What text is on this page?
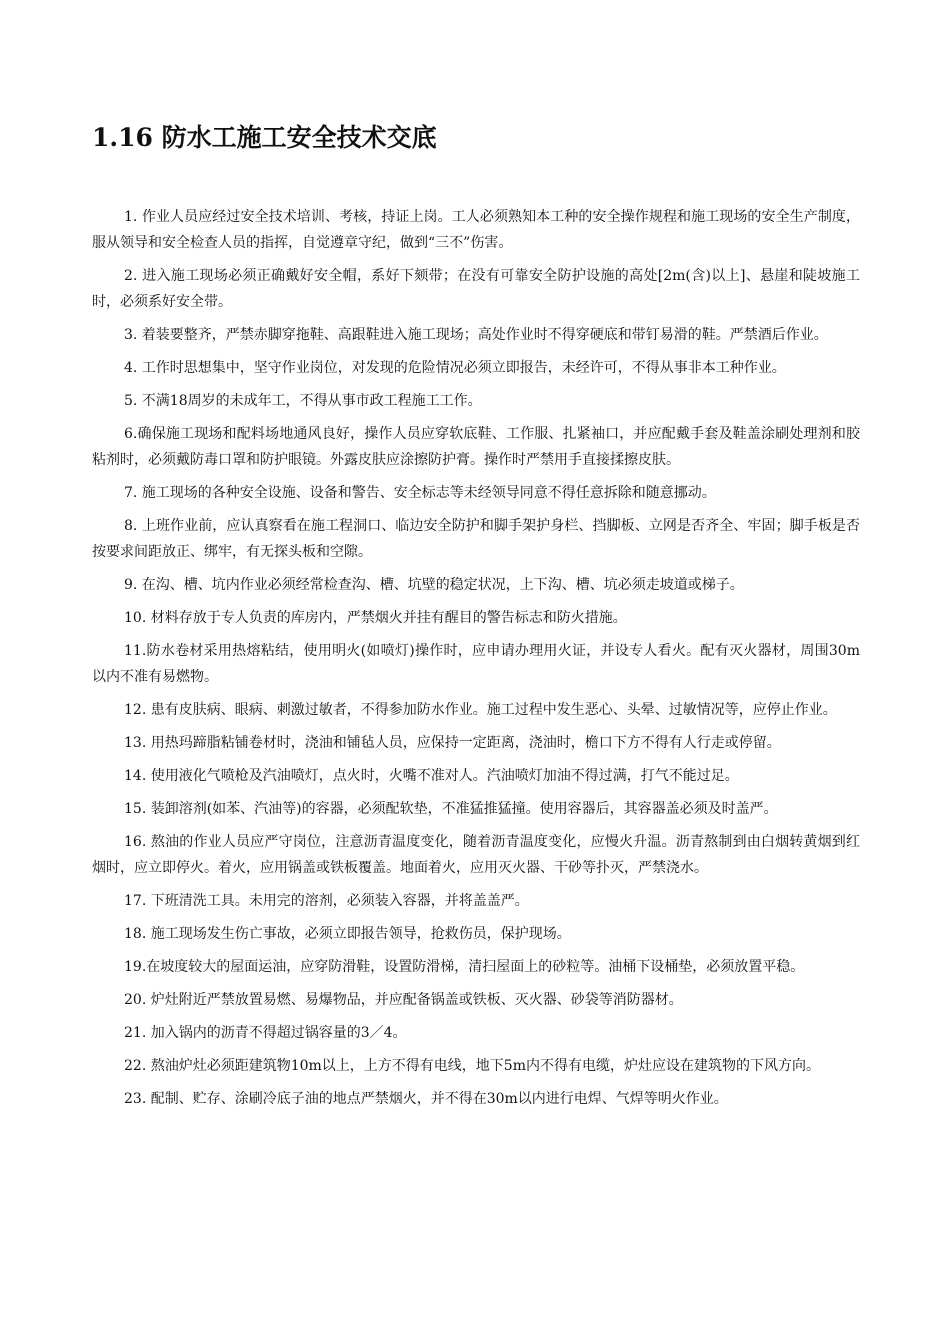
1.16 防水工施工安全技术交底
1. 作业人员应经过安全技术培训、考核，持证上岗。工人必须熟知本工种的安全操作规程和施工现场的安全生产制度，服从领导和安全检查人员的指挥，自觉遵章守纪，做到“三不”伤害。
2. 进入施工现场必须正确戴好安全帽，系好下颏带；在没有可靠安全防护设施的高处[2m(含)以上]、悬崖和陡坡施工时，必须系好安全带。
3. 着装要整齐，严禁赤脚穿拖鞋、高跟鞋进入施工现场；高处作业时不得穿硬底和带钉易滑的鞋。严禁酒后作业。
4. 工作时思想集中，坚守作业岗位，对发现的危险情况必须立即报告，未经许可，不得从事非本工种作业。
5. 不满18周岁的未成年工，不得从事市政工程施工工作。
6.确保施工现场和配料场地通风良好，操作人员应穿软底鞋、工作服、扎紧袖口，并应配戴手套及鞋盖涂刷处理剂和胶粘剂时，必须戴防毒口罩和防护眼镜。外露皮肤应涂擦防护膏。操作时严禁用手直接揉擦皮肤。
7. 施工现场的各种安全设施、设备和警告、安全标志等未经领导同意不得任意拆除和随意挪动。
8. 上班作业前，应认真察看在施工程洞口、临边安全防护和脚手架护身栏、挡脚板、立网是否齐全、牢固；脚手板是否按要求间距放正、绑牢，有无探头板和空隙。
9. 在沟、槽、坑内作业必须经常检查沟、槽、坑壁的稳定状况，上下沟、槽、坑必须走坡道或梯子。
10. 材料存放于专人负责的库房内，严禁烟火并挂有醒目的警告标志和防火措施。
11.防水卷材采用热熔粘结，使用明火(如喷灯)操作时，应申请办理用火证，并设专人看火。配有灭火器材，周围30m以内不准有易燃物。
12. 患有皮肤病、眼病、刺激过敏者，不得参加防水作业。施工过程中发生恶心、头晕、过敏情况等，应停止作业。
13. 用热玛蹄脂粘铺卷材时，浇油和铺毡人员，应保持一定距离，浇油时，檐口下方不得有人行走或停留。
14. 使用液化气喷枪及汽油喷灯，点火时，火嘴不准对人。汽油喷灯加油不得过满，打气不能过足。
15. 装卸溶剂(如苯、汽油等)的容器，必须配软垫，不准猛推猛撞。使用容器后，其容器盖必须及时盖严。
16. 熬油的作业人员应严守岗位，注意沥青温度变化，随着沥青温度变化，应慢火升温。沥青熬制到由白烟转黄烟到红烟时，应立即停火。着火，应用锅盖或铁板覆盖。地面着火，应用灭火器、干砂等扑灭，严禁浇水。
17. 下班清洗工具。未用完的溶剂，必须装入容器，并将盖盖严。
18. 施工现场发生伤亡事故，必须立即报告领导，抢救伤员，保护现场。
19.在坡度较大的屋面运油，应穿防滑鞋，设置防滑梯，清扫屋面上的砂粒等。油桶下设桶垫，必须放置平稳。
20. 炉灶附近严禁放置易燃、易爆物品，并应配备锅盖或铁板、灭火器、砂袋等消防器材。
21. 加入锅内的沥青不得超过锅容量的3／4。
22. 熬油炉灶必须距建筑物10m以上，上方不得有电线，地下5m内不得有电缆，炉灶应设在建筑物的下风方向。
23. 配制、贮存、涂刷冷底子油的地点严禁烟火，并不得在30m以内进行电焊、气焊等明火作业。
